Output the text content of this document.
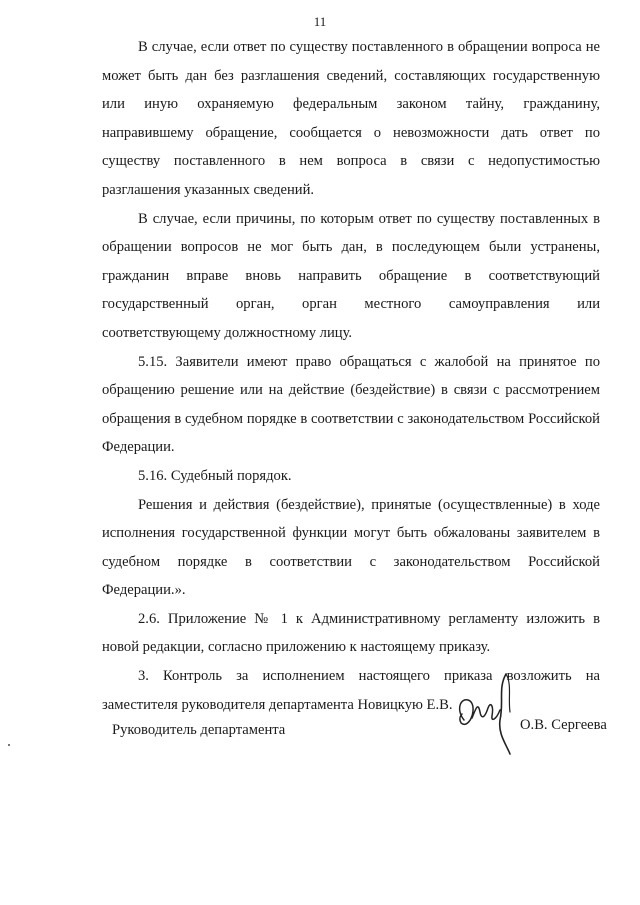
11

В случае, если ответ по существу поставленного в обращении вопроса не может быть дан без разглашения сведений, составляющих государственную или иную охраняемую федеральным законом тайну, гражданину, направившему обращение, сообщается о невозможности дать ответ по существу поставленного в нем вопроса в связи с недопустимостью разглашения указанных сведений.

В случае, если причины, по которым ответ по существу поставленных в обращении вопросов не мог быть дан, в последующем были устранены, гражданин вправе вновь направить обращение в соответствующий государственный орган, орган местного самоуправления или соответствующему должностному лицу.

5.15. Заявители имеют право обращаться с жалобой на принятое по обращению решение или на действие (бездействие) в связи с рассмотрением обращения в судебном порядке в соответствии с законодательством Российской Федерации.

5.16. Судебный порядок.

Решения и действия (бездействие), принятые (осуществленные) в ходе исполнения государственной функции могут быть обжалованы заявителем в судебном порядке в соответствии с законодательством Российской Федерации.».

2.6. Приложение № 1 к Административному регламенту изложить в новой редакции, согласно приложению к настоящему приказу.

3. Контроль за исполнением настоящего приказа возложить на заместителя руководителя департамента Новицкую Е.В.

Руководитель департамента	О.В. Сергеева
